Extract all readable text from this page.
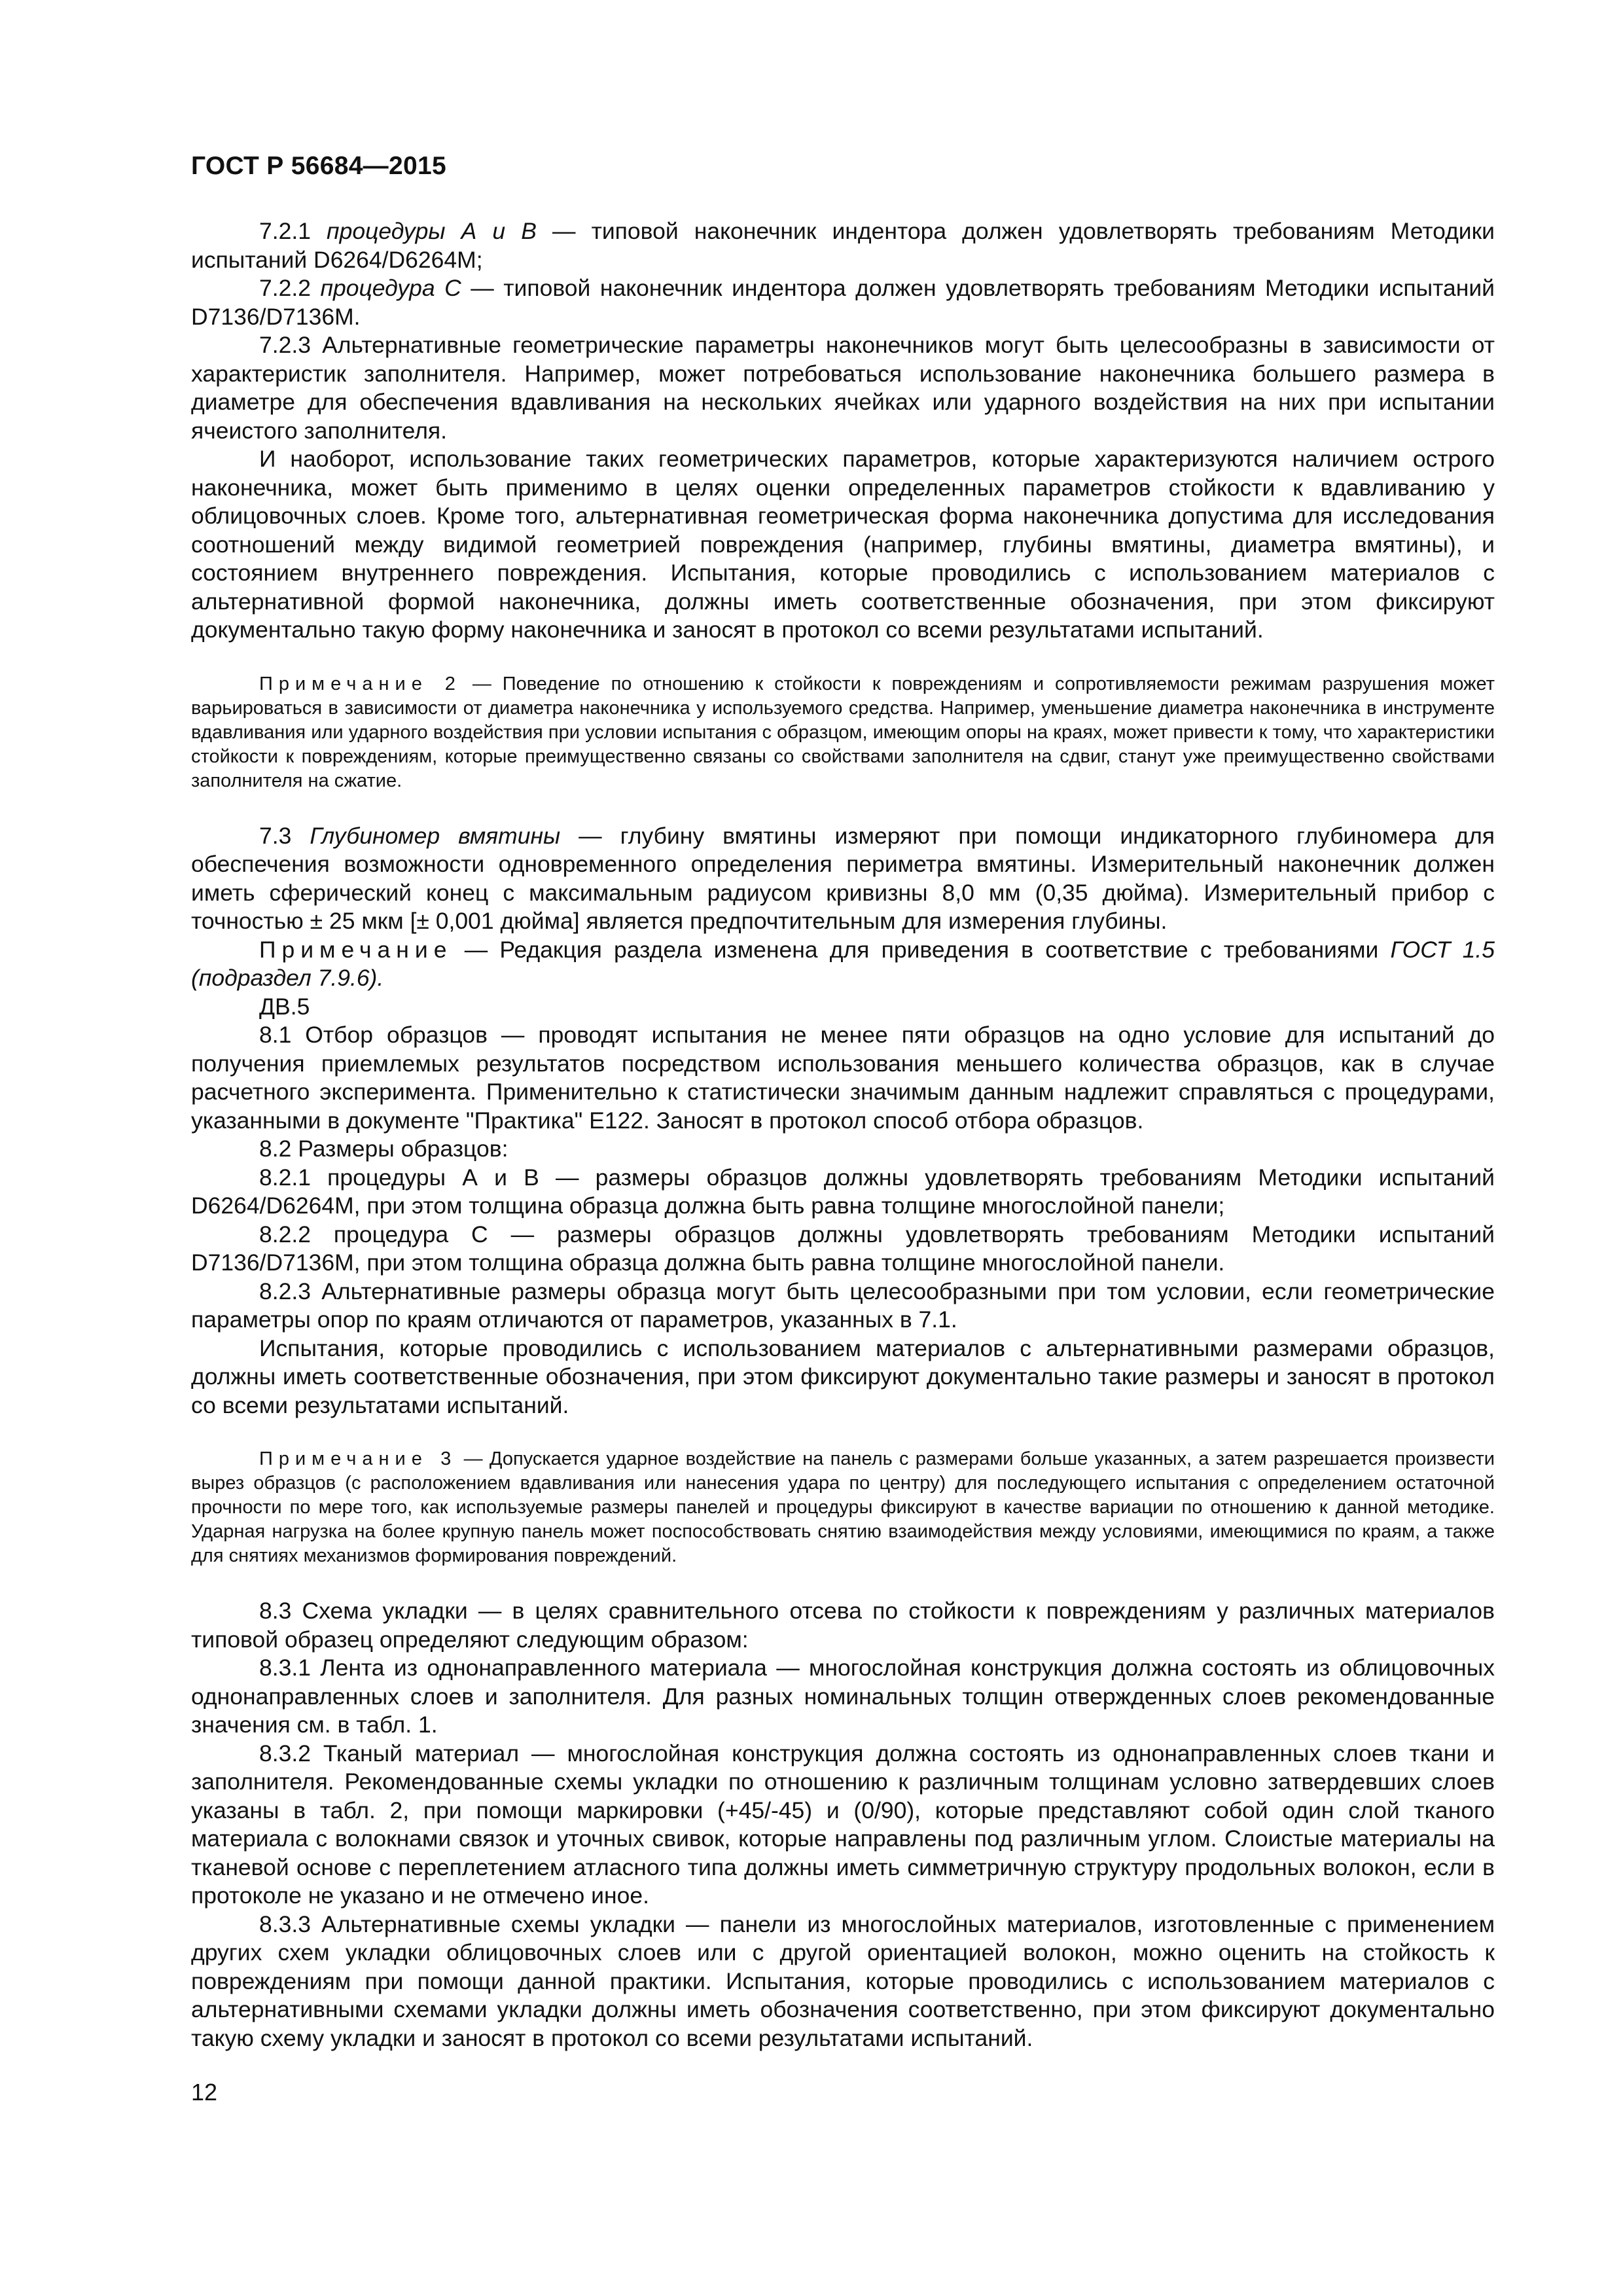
ГОСТ Р 56684—2015

7.2.1 процедуры А и В — типовой наконечник индентора должен удовлетворять требованиям Методики испытаний D6264/D6264M;

7.2.2 процедура С — типовой наконечник индентора должен удовлетворять требованиям Методики испытаний D7136/D7136M.

7.2.3 Альтернативные геометрические параметры наконечников могут быть целесообразны в зависимости от характеристик заполнителя. Например, может потребоваться использование наконечника большего размера в диаметре для обеспечения вдавливания на нескольких ячейках или ударного воздействия на них при испытании ячеистого заполнителя.

И наоборот, использование таких геометрических параметров, которые характеризуются наличием острого наконечника, может быть применимо в целях оценки определенных параметров стойкости к вдавливанию у облицовочных слоев. Кроме того, альтернативная геометрическая форма наконечника допустима для исследования соотношений между видимой геометрией повреждения (например, глубины вмятины, диаметра вмятины), и состоянием внутреннего повреждения. Испытания, которые проводились с использованием материалов с альтернативной формой наконечника, должны иметь соответственные обозначения, при этом фиксируют документально такую форму наконечника и заносят в протокол со всеми результатами испытаний.

Примечание 2 — Поведение по отношению к стойкости к повреждениям и сопротивляемости режимам разрушения может варьироваться в зависимости от диаметра наконечника у используемого средства. Например, уменьшение диаметра наконечника в инструменте вдавливания или ударного воздействия при условии испытания с образцом, имеющим опоры на краях, может привести к тому, что характеристики стойкости к повреждениям, которые преимущественно связаны со свойствами заполнителя на сдвиг, станут уже преимущественно свойствами заполнителя на сжатие.

7.3 Глубиномер вмятины — глубину вмятины измеряют при помощи индикаторного глубиномера для обеспечения возможности одновременного определения периметра вмятины. Измерительный наконечник должен иметь сферический конец с максимальным радиусом кривизны 8,0 мм (0,35 дюйма). Измерительный прибор с точностью ± 25 мкм [± 0,001 дюйма] является предпочтительным для измерения глубины.

Примечание — Редакция раздела изменена для приведения в соответствие с требованиями ГОСТ 1.5 (подраздел 7.9.6).

ДВ.5

8.1 Отбор образцов — проводят испытания не менее пяти образцов на одно условие для испытаний до получения приемлемых результатов посредством использования меньшего количества образцов, как в случае расчетного эксперимента. Применительно к статистически значимым данным надлежит справляться с процедурами, указанными в документе "Практика" Е122. Заносят в протокол способ отбора образцов.

8.2 Размеры образцов:

8.2.1 процедуры А и В — размеры образцов должны удовлетворять требованиям Методики испытаний D6264/D6264M, при этом толщина образца должна быть равна толщине многослойной панели;

8.2.2 процедура С — размеры образцов должны удовлетворять требованиям Методики испытаний D7136/D7136M, при этом толщина образца должна быть равна толщине многослойной панели.

8.2.3 Альтернативные размеры образца могут быть целесообразными при том условии, если геометрические параметры опор по краям отличаются от параметров, указанных в 7.1.

Испытания, которые проводились с использованием материалов с альтернативными размерами образцов, должны иметь соответственные обозначения, при этом фиксируют документально такие размеры и заносят в протокол со всеми результатами испытаний.

Примечание 3 — Допускается ударное воздействие на панель с размерами больше указанных, а затем разрешается произвести вырез образцов (с расположением вдавливания или нанесения удара по центру) для последующего испытания с определением остаточной прочности по мере того, как используемые размеры панелей и процедуры фиксируют в качестве вариации по отношению к данной методике. Ударная нагрузка на более крупную панель может поспособствовать снятию взаимодействия между условиями, имеющимися по краям, а также для снятиях механизмов формирования повреждений.

8.3 Схема укладки — в целях сравнительного отсева по стойкости к повреждениям у различных материалов типовой образец определяют следующим образом:

8.3.1 Лента из однонаправленного материала — многослойная конструкция должна состоять из облицовочных однонаправленных слоев и заполнителя. Для разных номинальных толщин отвержденных слоев рекомендованные значения см. в табл. 1.

8.3.2 Тканый материал — многослойная конструкция должна состоять из однонаправленных слоев ткани и заполнителя. Рекомендованные схемы укладки по отношению к различным толщинам условно затвердевших слоев указаны в табл. 2, при помощи маркировки (+45/-45) и (0/90), которые представляют собой один слой тканого материала с волокнами связок и уточных свивок, которые направлены под различным углом. Слоистые материалы на тканевой основе с переплетением атласного типа должны иметь симметричную структуру продольных волокон, если в протоколе не указано и не отмечено иное.

8.3.3 Альтернативные схемы укладки — панели из многослойных материалов, изготовленные с применением других схем укладки облицовочных слоев или с другой ориентацией волокон, можно оценить на стойкость к повреждениям при помощи данной практики. Испытания, которые проводились с использованием материалов с альтернативными схемами укладки должны иметь обозначения соответственно, при этом фиксируют документально такую схему укладки и заносят в протокол со всеми результатами испытаний.

12
